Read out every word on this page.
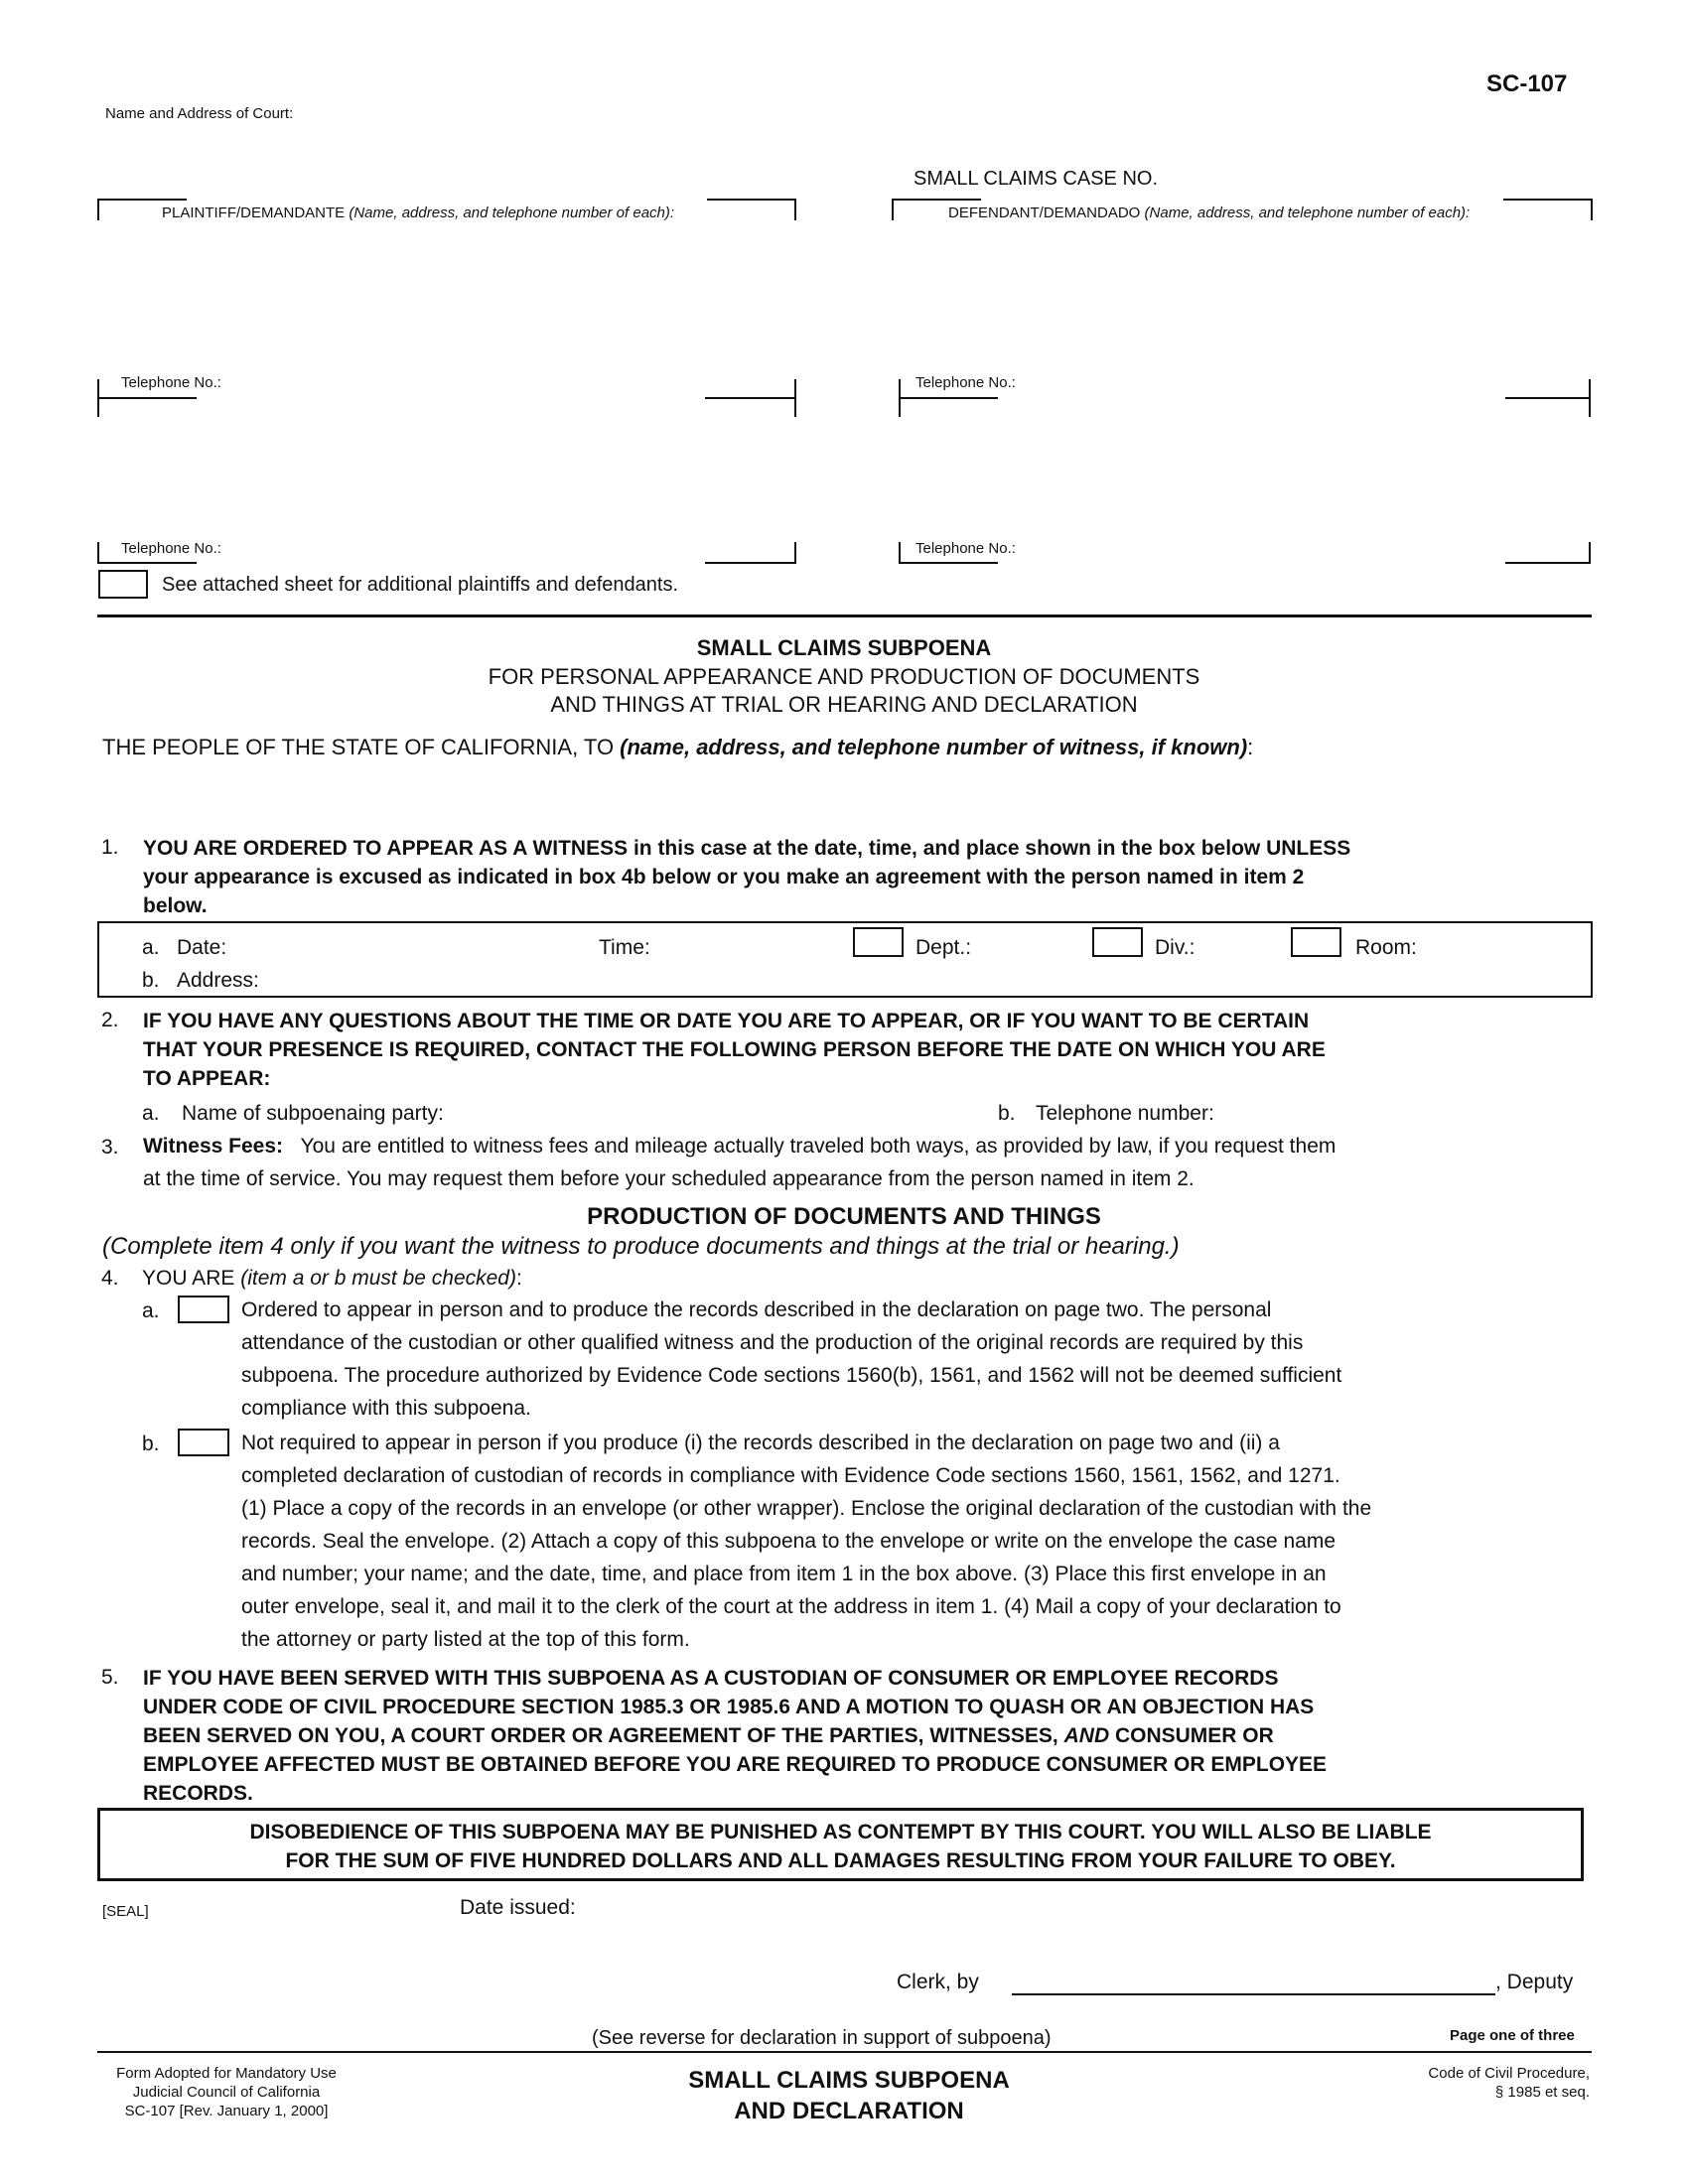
SC-107
Name and Address of Court:
SMALL CLAIMS CASE NO.
PLAINTIFF/DEMANDANTE (Name, address, and telephone number of each):	DEFENDANT/DEMANDADO (Name, address, and telephone number of each):
Telephone No.:	Telephone No.:
Telephone No.:	Telephone No.:
See attached sheet for additional plaintiffs and defendants.
SMALL CLAIMS SUBPOENA
FOR PERSONAL APPEARANCE AND PRODUCTION OF DOCUMENTS
AND THINGS AT TRIAL OR HEARING AND DECLARATION
THE PEOPLE OF THE STATE OF CALIFORNIA, TO (name, address, and telephone number of witness, if known):
1. YOU ARE ORDERED TO APPEAR AS A WITNESS in this case at the date, time, and place shown in the box below UNLESS
your appearance is excused as indicated in box 4b below or you make an agreement with the person named in item 2
below.
a. Date:	Time:	Dept.:	Div.:	Room:
b. Address:
2. IF YOU HAVE ANY QUESTIONS ABOUT THE TIME OR DATE YOU ARE TO APPEAR, OR IF YOU WANT TO BE CERTAIN
THAT YOUR PRESENCE IS REQUIRED, CONTACT THE FOLLOWING PERSON BEFORE THE DATE ON WHICH YOU ARE
TO APPEAR:
a. Name of subpoenaing party:	b. Telephone number:
3. Witness Fees: You are entitled to witness fees and mileage actually traveled both ways, as provided by law, if you request them
at the time of service. You may request them before your scheduled appearance from the person named in item 2.
PRODUCTION OF DOCUMENTS AND THINGS
(Complete item 4 only if you want the witness to produce documents and things at the trial or hearing.)
4. YOU ARE (item a or b must be checked):
a.	Ordered to appear in person and to produce the records described in the declaration on page two. The personal
attendance of the custodian or other qualified witness and the production of the original records are required by this
subpoena. The procedure authorized by Evidence Code sections 1560(b), 1561, and 1562 will not be deemed sufficient
compliance with this subpoena.
b.	Not required to appear in person if you produce (i) the records described in the declaration on page two and (ii) a
completed declaration of custodian of records in compliance with Evidence Code sections 1560, 1561, 1562, and 1271.
(1) Place a copy of the records in an envelope (or other wrapper). Enclose the original declaration of the custodian with the
records. Seal the envelope. (2) Attach a copy of this subpoena to the envelope or write on the envelope the case name
and number; your name; and the date, time, and place from item 1 in the box above. (3) Place this first envelope in an
outer envelope, seal it, and mail it to the clerk of the court at the address in item 1. (4) Mail a copy of your declaration to
the attorney or party listed at the top of this form.
5. IF YOU HAVE BEEN SERVED WITH THIS SUBPOENA AS A CUSTODIAN OF CONSUMER OR EMPLOYEE RECORDS
UNDER CODE OF CIVIL PROCEDURE SECTION 1985.3 OR 1985.6 AND A MOTION TO QUASH OR AN OBJECTION HAS
BEEN SERVED ON YOU, A COURT ORDER OR AGREEMENT OF THE PARTIES, WITNESSES, AND CONSUMER OR
EMPLOYEE AFFECTED MUST BE OBTAINED BEFORE YOU ARE REQUIRED TO PRODUCE CONSUMER OR EMPLOYEE
RECORDS.
DISOBEDIENCE OF THIS SUBPOENA MAY BE PUNISHED AS CONTEMPT BY THIS COURT. YOU WILL ALSO BE LIABLE
FOR THE SUM OF FIVE HUNDRED DOLLARS AND ALL DAMAGES RESULTING FROM YOUR FAILURE TO OBEY.
[SEAL]	Date issued:
Clerk, by	, Deputy
(See reverse for declaration in support of subpoena)	Page one of three
Form Adopted for Mandatory Use
Judicial Council of California
SC-107 [Rev. January 1, 2000]
SMALL CLAIMS SUBPOENA
AND DECLARATION
Code of Civil Procedure,
§ 1985 et seq.
